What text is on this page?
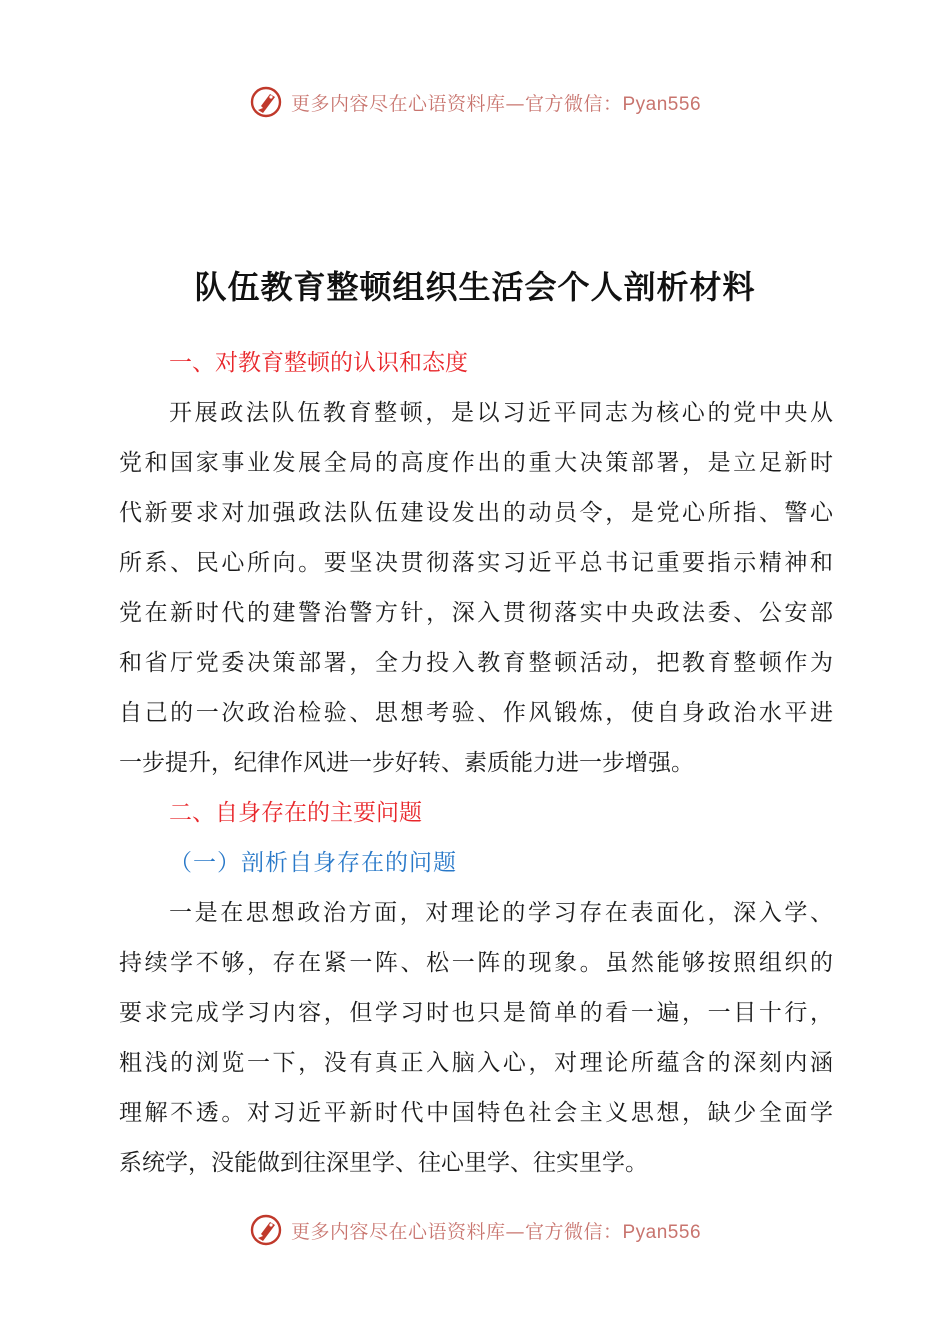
更多内容尽在心语资料库—官方微信：Pyan556
队伍教育整顿组织生活会个人剖析材料
一、对教育整顿的认识和态度
开展政法队伍教育整顿，是以习近平同志为核心的党中央从
党和国家事业发展全局的高度作出的重大决策部署，是立足新时
代新要求对加强政法队伍建设发出的动员令，是党心所指、警心
所系、民心所向。要坚决贯彻落实习近平总书记重要指示精神和
党在新时代的建警治警方针，深入贯彻落实中央政法委、公安部
和省厅党委决策部署，全力投入教育整顿活动，把教育整顿作为
自己的一次政治检验、思想考验、作风锻炼，使自身政治水平进
一步提升，纪律作风进一步好转、素质能力进一步增强。
二、自身存在的主要问题
（一）剖析自身存在的问题
一是在思想政治方面，对理论的学习存在表面化，深入学、
持续学不够，存在紧一阵、松一阵的现象。虽然能够按照组织的
要求完成学习内容，但学习时也只是简单的看一遍，一目十行，
粗浅的浏览一下，没有真正入脑入心，对理论所蕴含的深刻内涵
理解不透。对习近平新时代中国特色社会主义思想，缺少全面学
系统学，没能做到往深里学、往心里学、往实里学。
更多内容尽在心语资料库—官方微信：Pyan556
